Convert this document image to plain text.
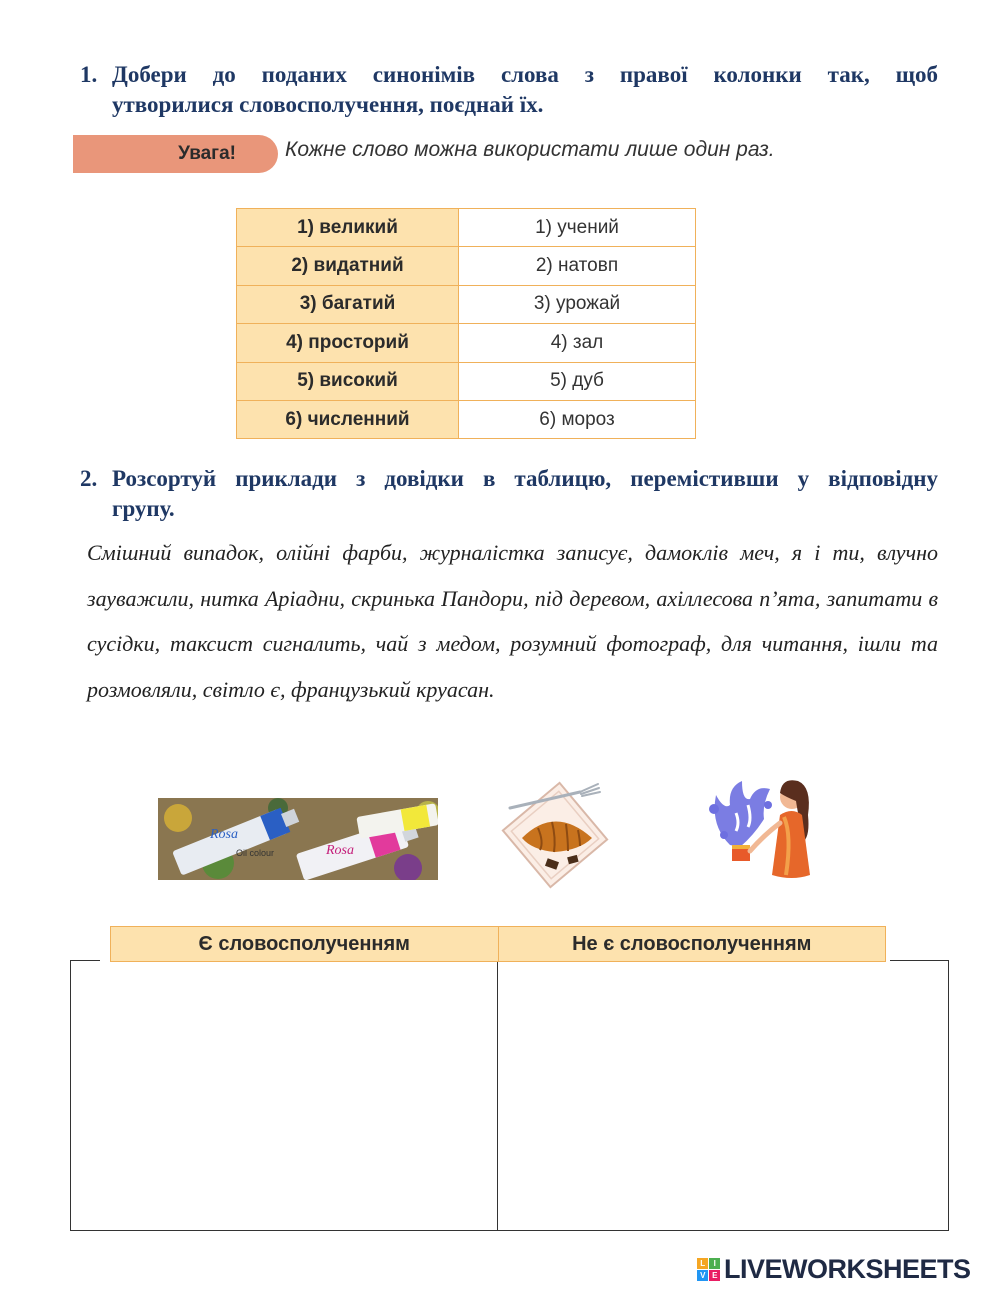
1. Добери до поданих синонімів слова з правої колонки так, щоб
утворилися словосполучення, поєднай їх.
Увага! Кожне слово можна використати лише один раз.
1) великий	1) учений
2) видатний	2) натовп
3) багатий	3) урожай
4) просторий	4) зал
5) високий	5) дуб
6) численний	6) мороз
2. Розсортуй приклади з довідки в таблицю, перемістивши у відповідну
групу.
Смішний випадок, олійні фарби, журналістка записує, дамоклів меч, я і ти, влучно зауважили, нитка Аріадни, скринька Пандори, під деревом, ахіллесова п’ята, запитати в сусідки, таксист сигналить, чай з медом, розумний фотограф, для читання, ішли та розмовляли, світло є, французький круасан.
Rosa
Rosa
Oil colour
Є словосполученням	Не є словосполученням
L	I
V E LIVEWORKSHEETS
